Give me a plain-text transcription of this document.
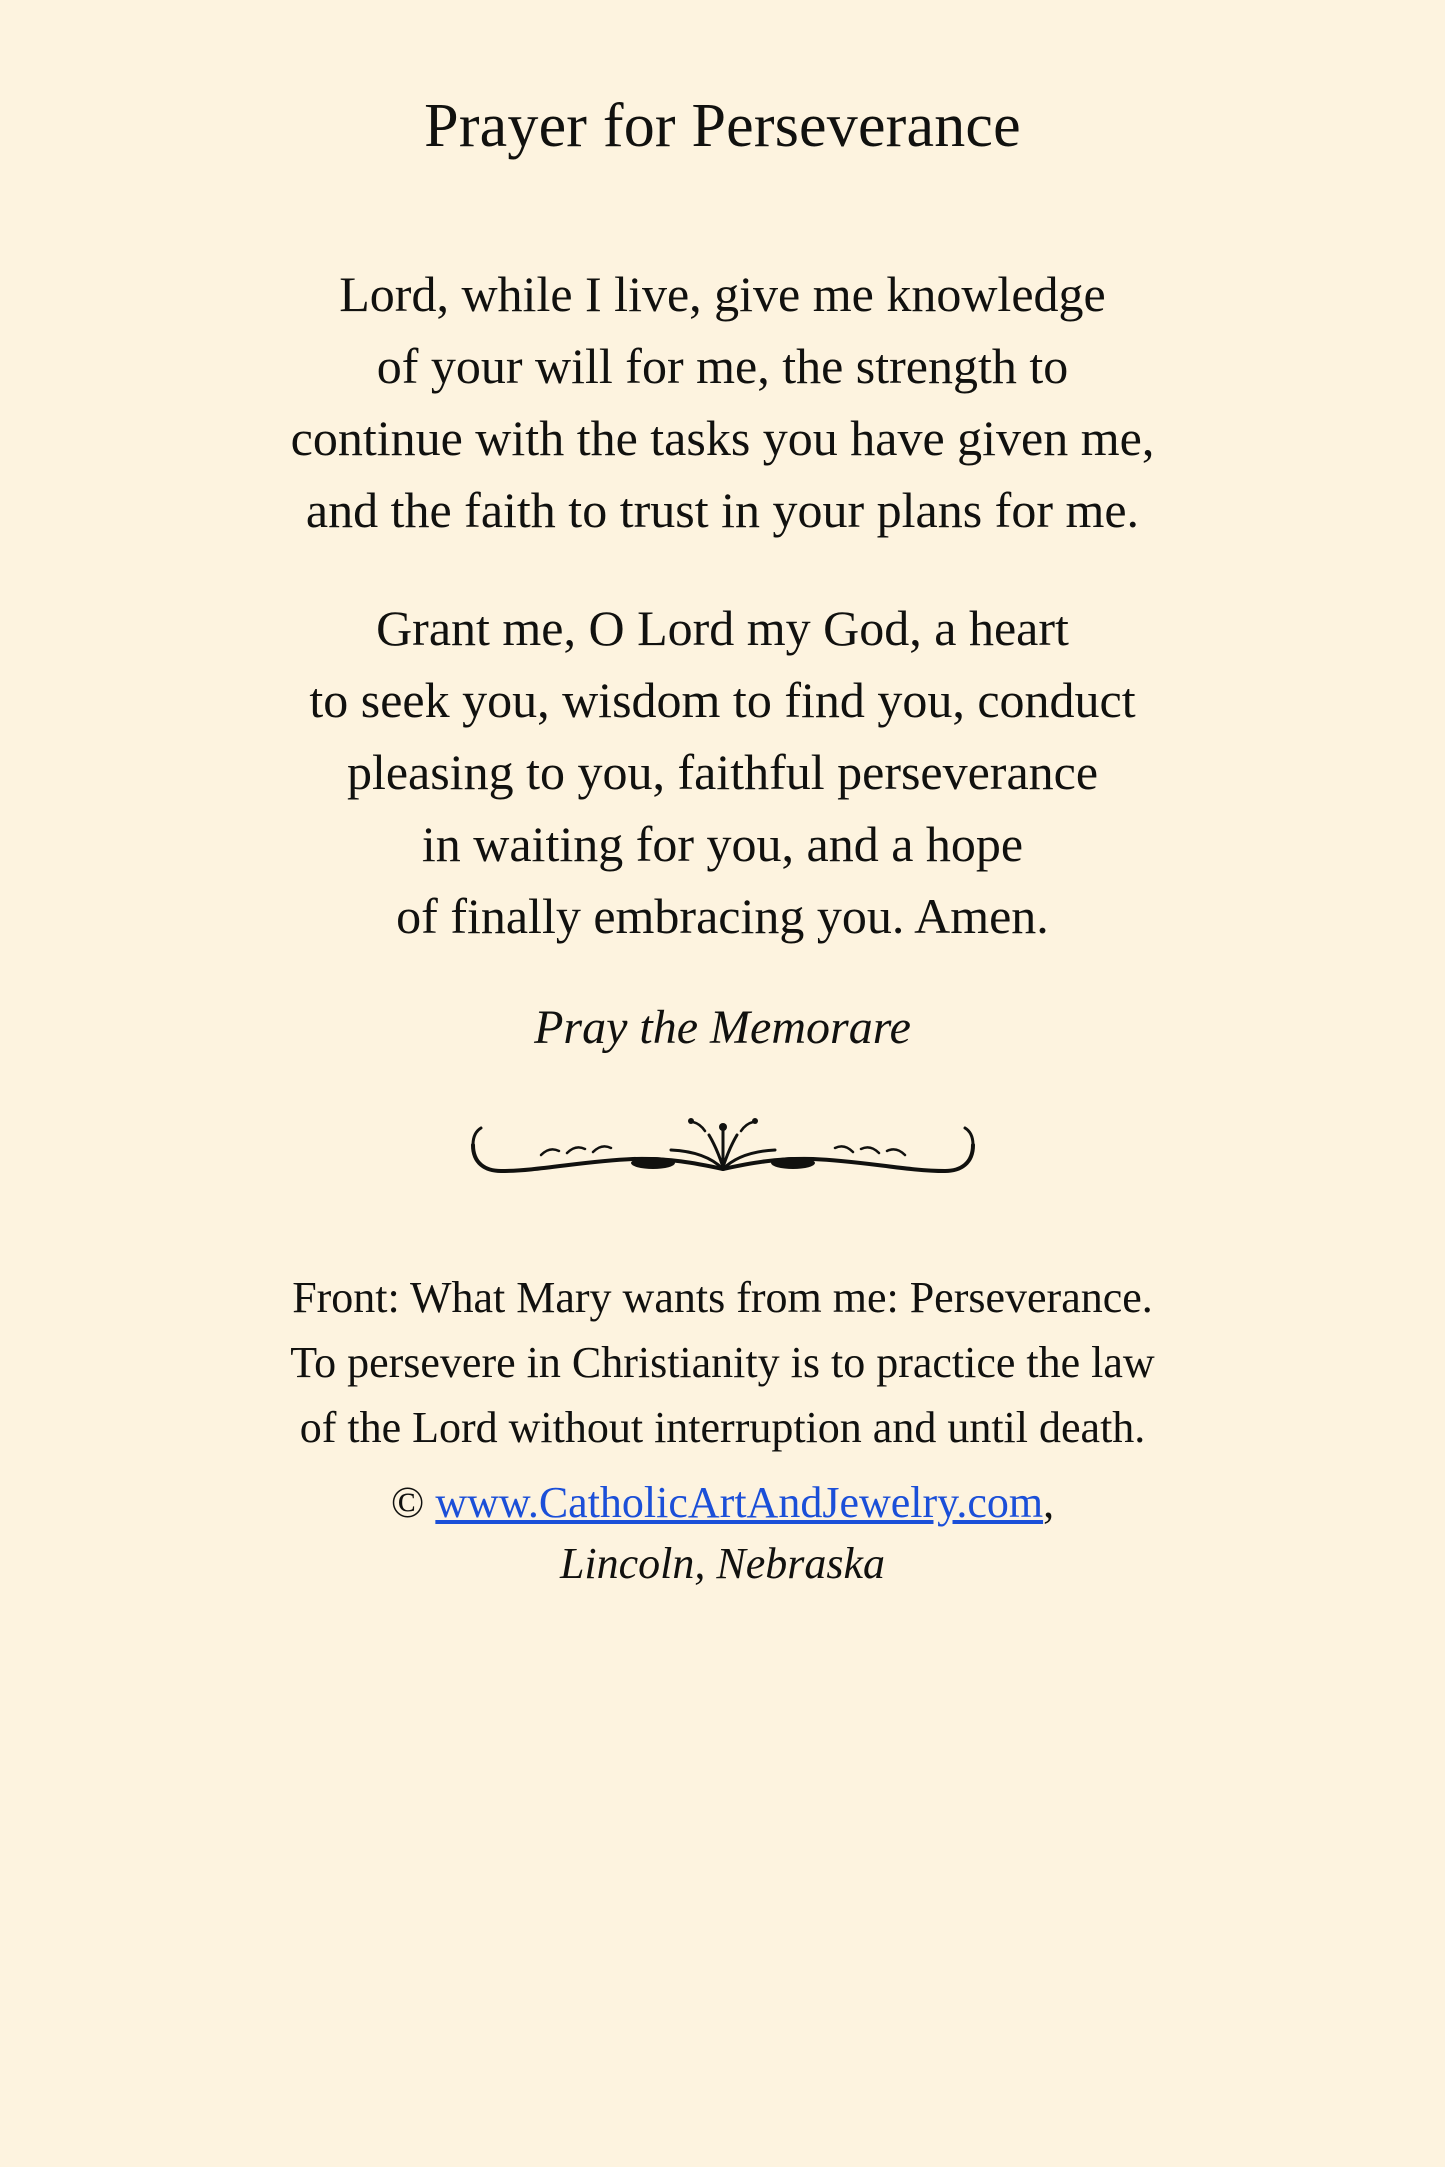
Prayer for Perseverance
Lord, while I live, give me knowledge
of your will for me, the strength to
continue with the tasks you have given me,
and the faith to trust in your plans for me.
Grant me, O Lord my God, a heart
to seek you, wisdom to find you, conduct
pleasing to you, faithful perseverance
in waiting for you, and a hope
of finally embracing you. Amen.
Pray the Memorare
Front: What Mary wants from me: Perseverance.
To persevere in Christianity is to practice the law
of the Lord without interruption and until death.
© www.CatholicArtAndJewelry.com,
Lincoln, Nebraska
